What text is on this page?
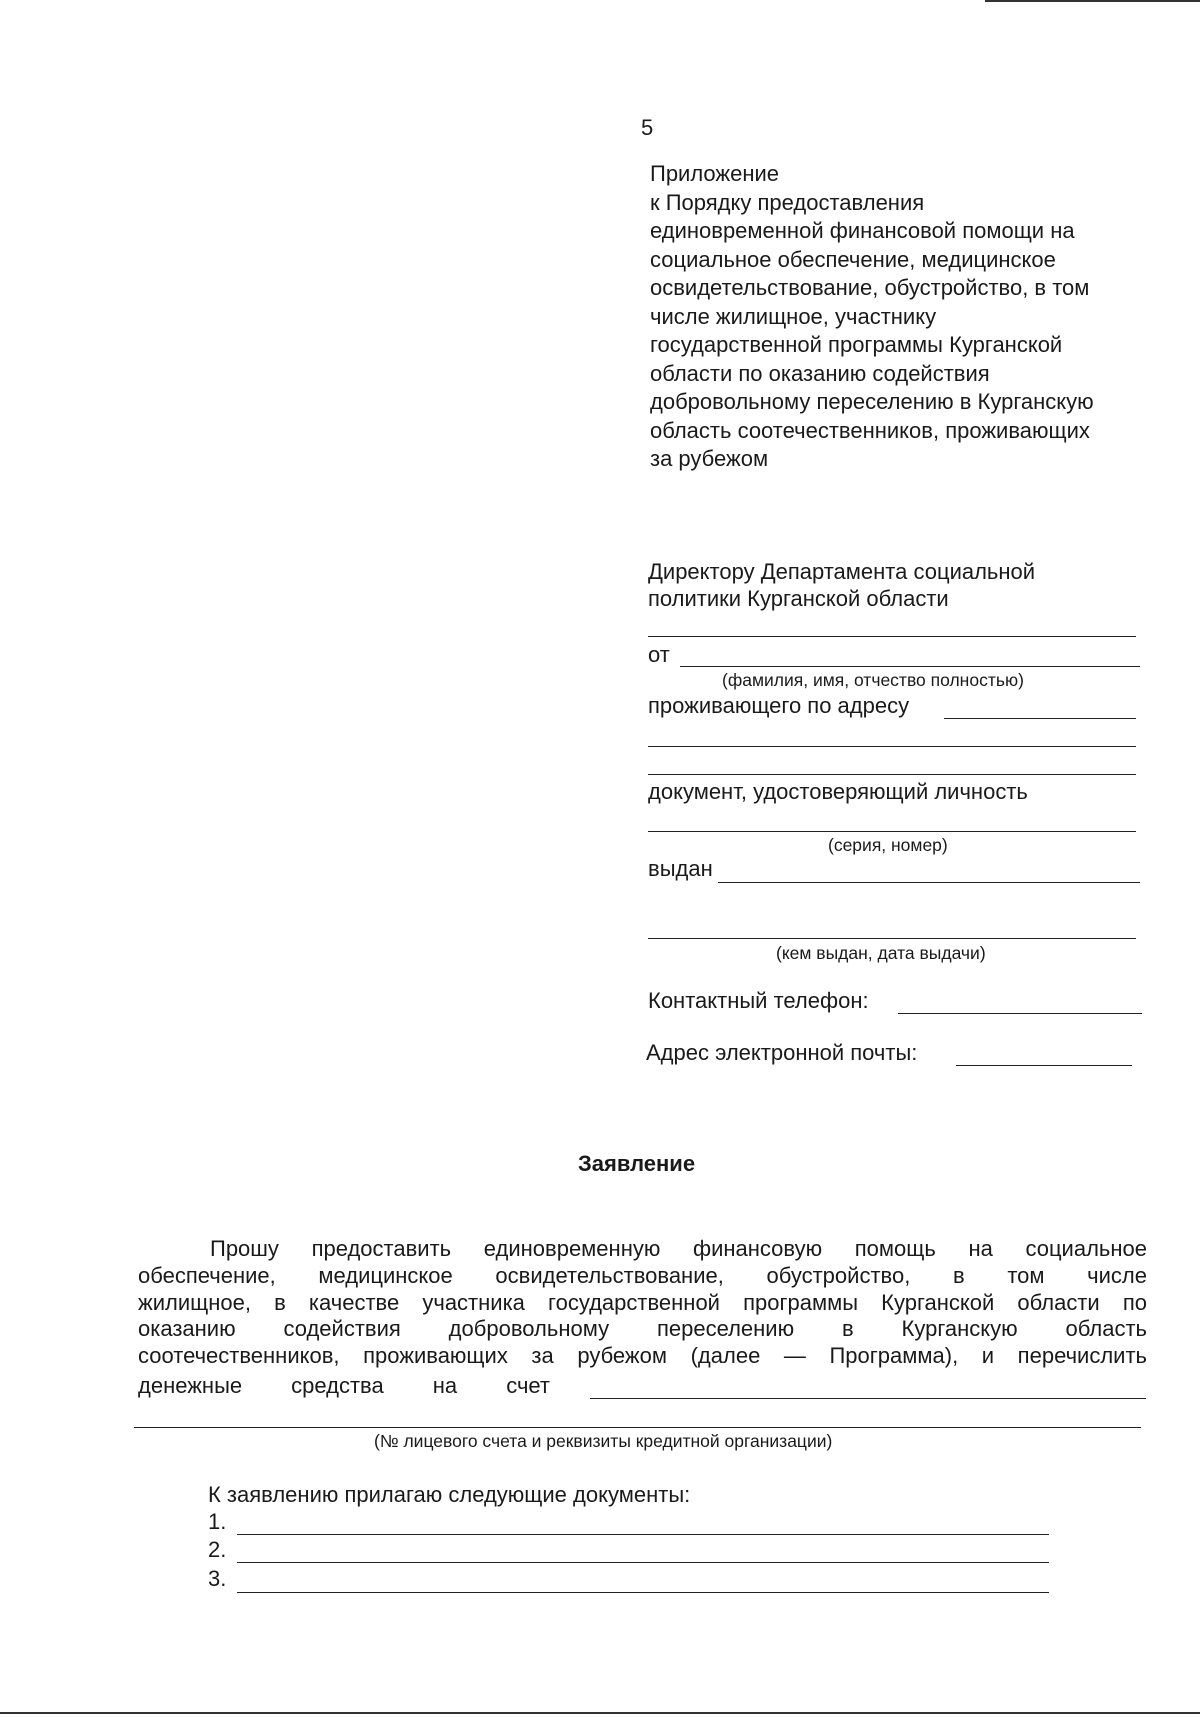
5
Приложение
к Порядку предоставления
единовременной финансовой помощи на
социальное обеспечение, медицинское
освидетельствование, обустройство, в том
числе жилищное, участнику
государственной программы Курганской
области по оказанию содействия
добровольному переселению в Курганскую
область соотечественников, проживающих
за рубежом
Директору Департамента социальной
политики Курганской области
от
(фамилия, имя, отчество полностью)
проживающего по адресу
документ, удостоверяющий личность
(серия, номер)
выдан
(кем выдан, дата выдачи)
Контактный телефон:
Адрес электронной почты:
Заявление
Прошу предоставить единовременную финансовую помощь на социальное
обеспечение, медицинское освидетельствование, обустройство, в том числе
жилищное, в качестве участника государственной программы Курганской области по
оказанию содействия добровольному переселению в Курганскую область
соотечественников, проживающих за рубежом (далее — Программа), и перечислить
денежные средства на счет
(№ лицевого счета и реквизиты кредитной организации)
К заявлению прилагаю следующие документы:
1.
2.
3.
